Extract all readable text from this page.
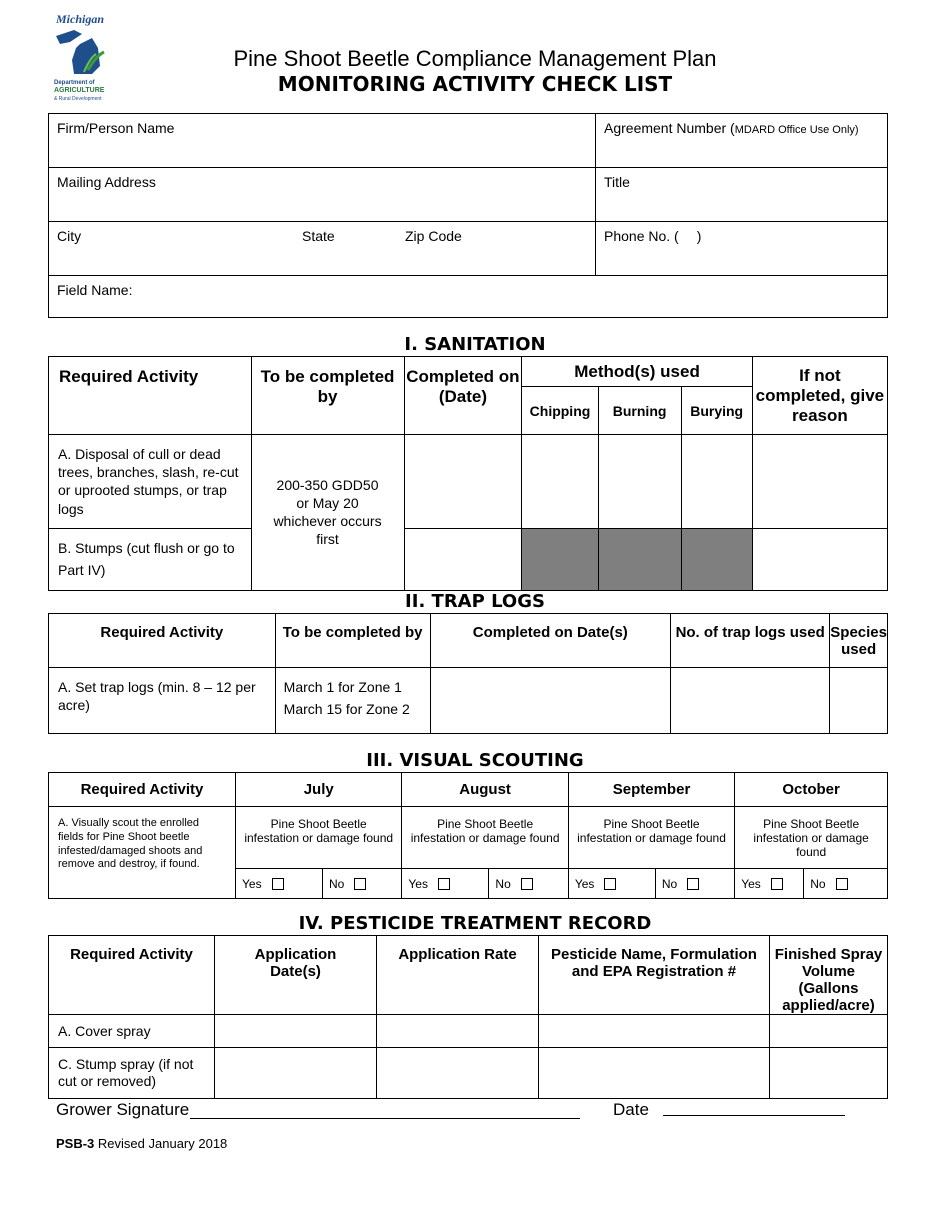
Michigan
Department of
AGRICULTURE
& Rural Development
Pine Shoot Beetle Compliance Management Plan
MONITORING ACTIVITY CHECK LIST
Firm/Person Name	Agreement Number (MDARD Office Use Only)
Mailing Address	Title
City State Zip Code	Phone No. ( )
Field Name:	
I. SANITATION
Required Activity	To be completed by	Completed on (Date)	Method(s) used			If not completed, give reason
			Chipping	Burning	Burying	
A. Disposal of cull or dead trees, branches, slash, re-cut or uprooted stumps, or trap logs	200-350 GDD50 or May 20 whichever occurs first					
B. Stumps (cut flush or go to Part IV)						
II. TRAP LOGS
Required Activity	To be completed by	Completed on Date(s)	No. of trap logs used	Species used
A. Set trap logs (min. 8 – 12 per acre)	March 1 for Zone 1
March 15 for Zone 2			

III. VISUAL SCOUTING
Required Activity	July		August		September		October	
A. Visually scout the enrolled fields for Pine Shoot beetle infested/damaged shoots and remove and destroy, if found.	Pine Shoot Beetle infestation or damage found		Pine Shoot Beetle infestation or damage found		Pine Shoot Beetle infestation or damage found		Pine Shoot Beetle infestation or damage found	
	Yes	No	Yes	No	Yes	No	Yes	No
IV. PESTICIDE TREATMENT RECORD
Required Activity	Application Date(s)	Application Rate	Pesticide Name, Formulation and EPA Registration #	Finished Spray Volume (Gallons applied/acre)
A. Cover spray				
C. Stump spray (if not cut or removed)				
Grower Signature	Date
PSB-3 Revised January 2018
